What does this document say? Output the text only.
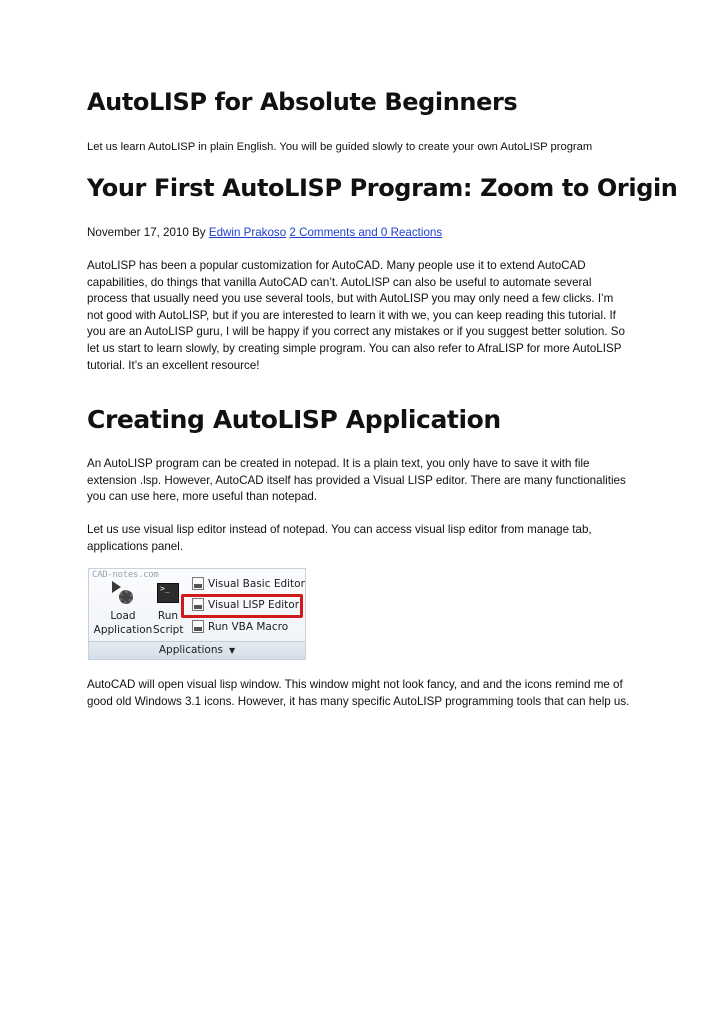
AutoLISP for Absolute Beginners

Let us learn AutoLISP in plain English. You will be guided slowly to create your own AutoLISP program

Your First AutoLISP Program: Zoom to Origin

November 17, 2010 By Edwin Prakoso 2 Comments and 0 Reactions

AutoLISP has been a popular customization for AutoCAD. Many people use it to extend AutoCAD capabilities, do things that vanilla AutoCAD can’t. AutoLISP can also be useful to automate several process that usually need you use several tools, but with AutoLISP you may only need a few clicks. I’m not good with AutoLISP, but if you are interested to learn it with we, you can keep reading this tutorial. If you are an AutoLISP guru, I will be happy if you correct any mistakes or if you suggest better solution. So let us start to learn slowly, by creating simple program. You can also refer to AfraLISP for more AutoLISP tutorial. It’s an excellent resource!

Creating AutoLISP Application

An AutoLISP program can be created in notepad. It is a plain text, you only have to save it with file extension .lsp. However, AutoCAD itself has provided a Visual LISP editor. There are many functionalities you can use here, more useful than notepad.

Let us use visual lisp editor instead of notepad. You can access visual lisp editor from manage tab, applications panel.

CAD-notes.com
Load
Application
>_
Run
Script
Visual Basic Editor
Visual LISP Editor
Run VBA Macro
Applications ▼

AutoCAD will open visual lisp window. This window might not look fancy, and and the icons remind me of good old Windows 3.1 icons. However, it has many specific AutoLISP programming tools that can help us.
